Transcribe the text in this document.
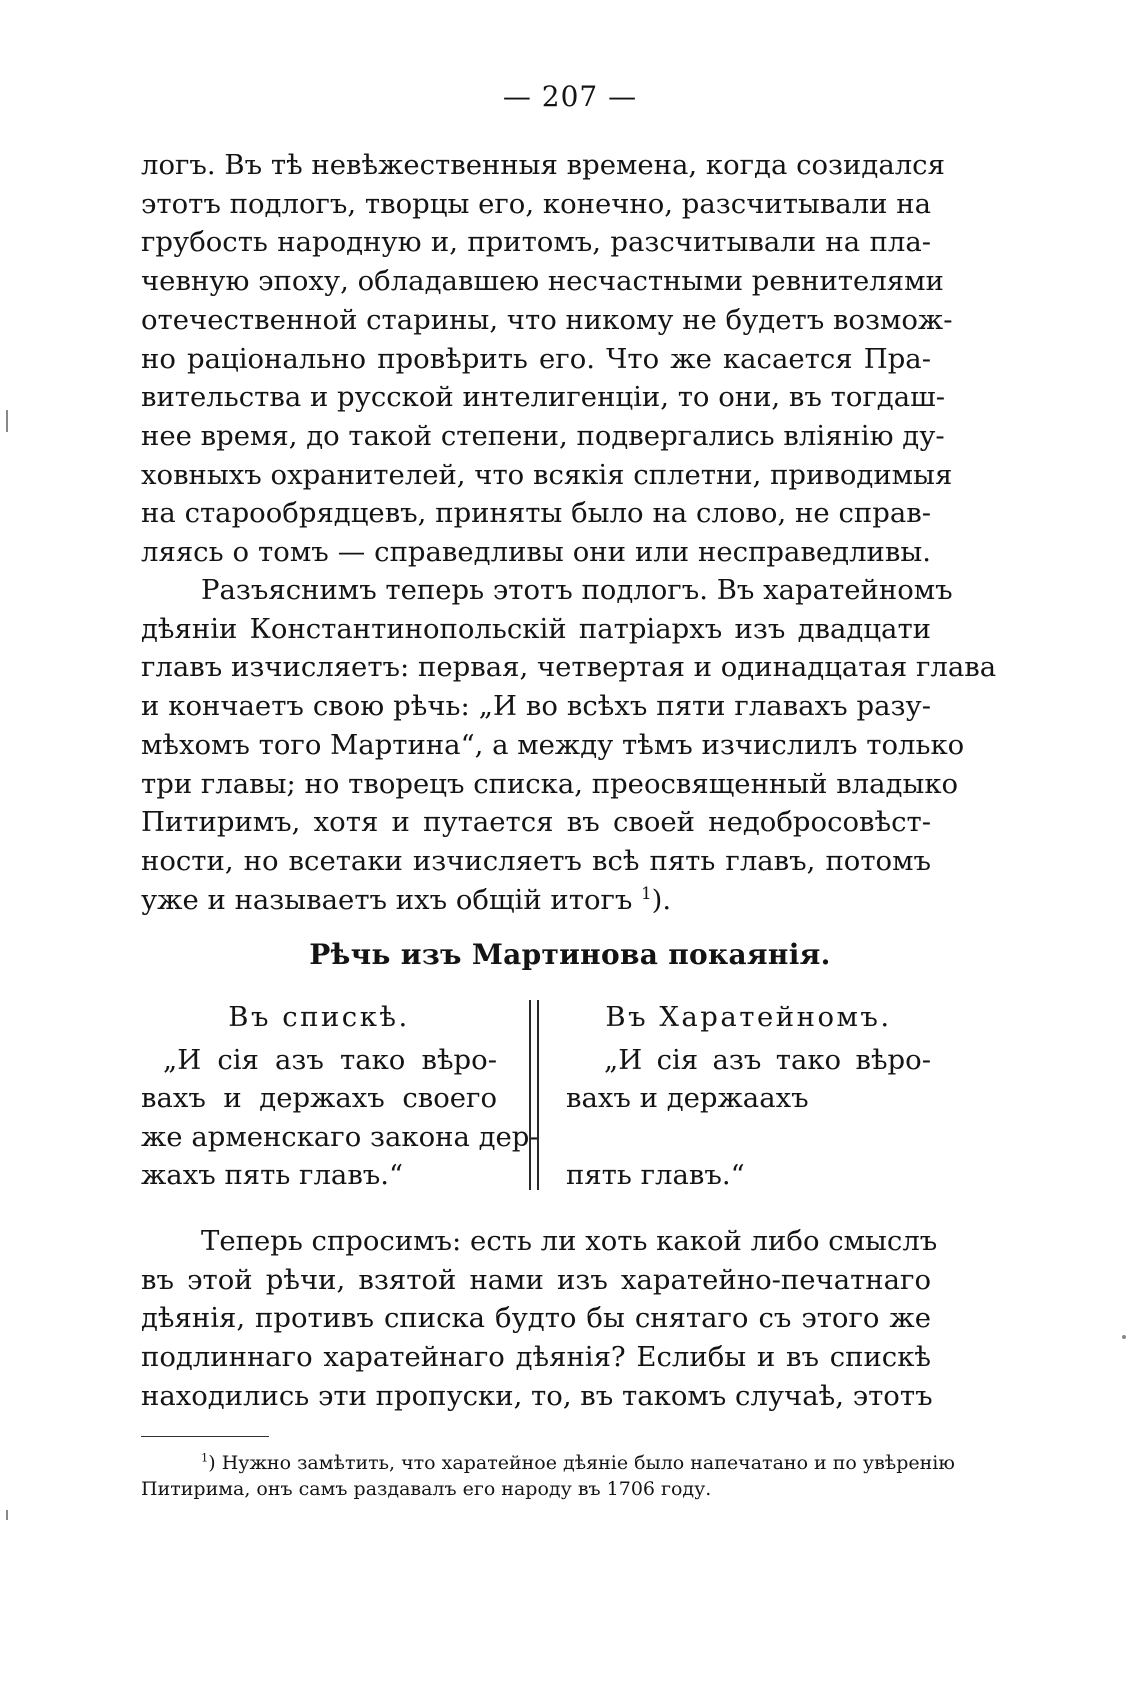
— 207 —
логъ. Въ тѣ невѣжественныя времена, когда созидался
этотъ подлогъ, творцы его, конечно, разсчитывали на
грубость народную и, притомъ, разсчитывали на пла-
чевную эпоху, обладавшею несчастными ревнителями
отечественной старины, что никому не будетъ возмож-
но раціонально провѣрить его. Что же касается Пра-
вительства и русской интелигенціи, то они, въ тогдаш-
нее время, до такой степени, подвергались вліянію ду-
ховныхъ охранителей, что всякія сплетни, приводимыя
на старообрядцевъ, приняты было на слово, не справ-
ляясь о томъ — справедливы они или несправедливы.
Разъяснимъ теперь этотъ подлогъ. Въ харатейномъ
дѣяніи Константинопольскій патріархъ изъ двадцати
главъ изчисляетъ: первая, четвертая и одинадцатая глава
и кончаетъ свою рѣчь: „И во всѣхъ пяти главахъ разу-
мѣхомъ того Мартина“, а между тѣмъ изчислилъ только
три главы; но творецъ списка, преосвященный владыко
Питиримъ, хотя и путается въ своей недобросовѣст-
ности, но всетаки изчисляетъ всѣ пять главъ, потомъ
уже и называетъ ихъ общій итогъ $^1$).
Рѣчь изъ Мартинова покаянія.
Въ спискѣ.
„И сія азъ тако вѣро-
вахъ и держахъ своего
же арменскаго закона дер-
жахъ пять главъ.“
Въ Харатейномъ.
„И сія азъ тако вѣро-
вахъ и держаахъ
пять главъ.“
Теперь спросимъ: есть ли хоть какой либо смыслъ
въ этой рѣчи, взятой нами изъ харатейно-печатнаго
дѣянія, противъ списка будто бы снятаго съ этого же
подлиннаго харатейнаго дѣянія? Еслибы и въ спискѣ
находились эти пропуски, то, въ такомъ случаѣ, этотъ
$^1$) Нужно замѣтить, что харатейное дѣяніе было напечатано и по увѣренію
Питирима, онъ самъ раздавалъ его народу въ 1706 году.
